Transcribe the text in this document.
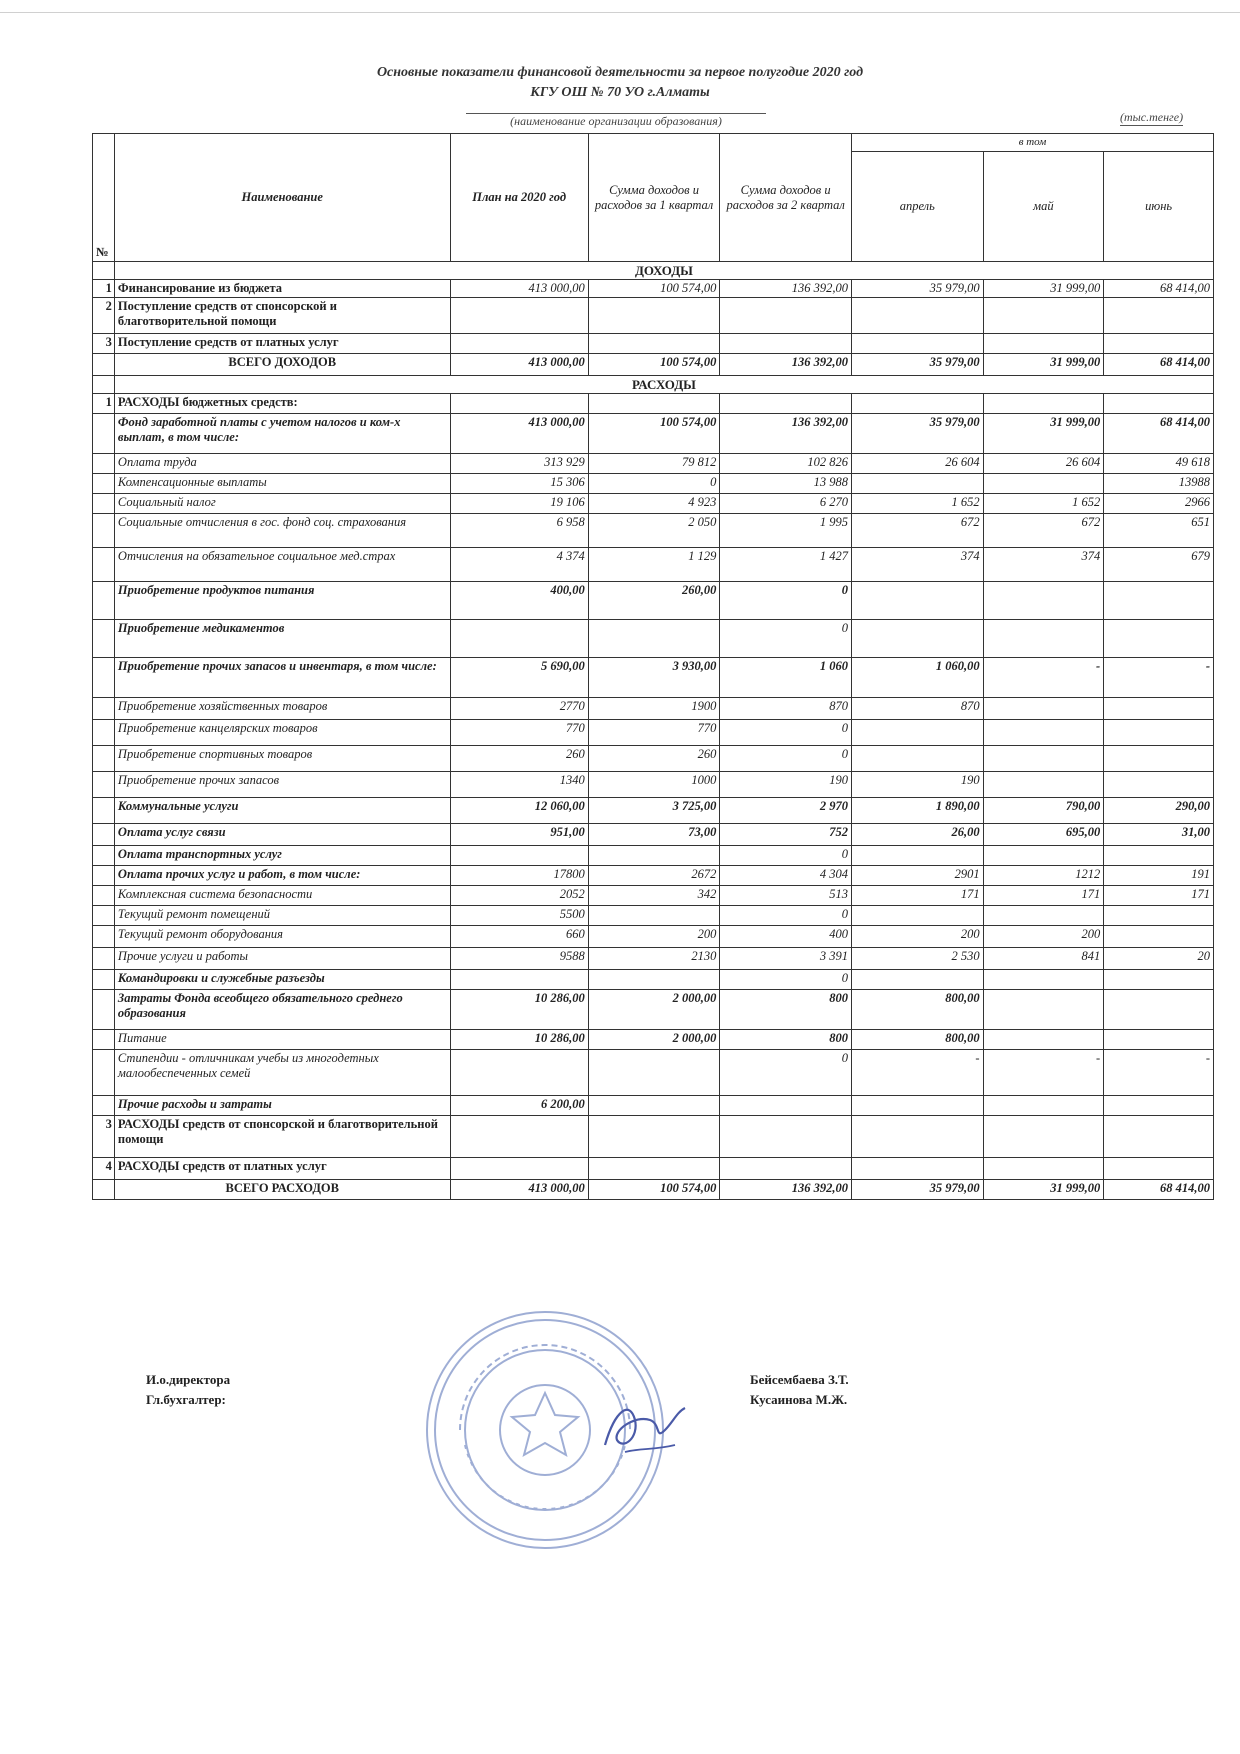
Основные показатели финансовой деятельности за первое полугодие 2020 год
КГУ ОШ № 70 УО г.Алматы
(наименование организации образования)	(тыс.тенге)
№	Наименование	План на 2020 год	Сумма доходов и расходов за 1 квартал	Сумма доходов и расходов за 2 квартал	в том		
					апрель	май	июнь
	ДОХОДЫ						
1	Финансирование из бюджета	413 000,00	100 574,00	136 392,00	35 979,00	31 999,00	68 414,00
2	Поступление средств от спонсорской и благотворительной помощи						
3	Поступление средств от платных услуг						
	ВСЕГО ДОХОДОВ	413 000,00	100 574,00	136 392,00	35 979,00	31 999,00	68 414,00
	РАСХОДЫ						
1	РАСХОДЫ бюджетных средств:						
	Фонд заработной платы с учетом налогов и ком-х выплат, в том числе:	413 000,00	100 574,00	136 392,00	35 979,00	31 999,00	68 414,00
	Оплата труда	313 929	79 812	102 826	26 604	26 604	49 618
	Компенсационные выплаты	15 306	0	13 988			13988
	Социальный налог	19 106	4 923	6 270	1 652	1 652	2966
	Социальные отчисления в гос. фонд соц. страхования	6 958	2 050	1 995	672	672	651
	Отчисления на обязательное социальное мед.страх	4 374	1 129	1 427	374	374	679
	Приобретение продуктов питания	400,00	260,00	0			
	Приобретение медикаментов			0			
	Приобретение прочих запасов и инвентаря, в том числе:	5 690,00	3 930,00	1 060	1 060,00	-	-
	Приобретение хозяйственных товаров	2770	1900	870	870		
	Приобретение канцелярских товаров	770	770	0			
	Приобретение спортивных товаров	260	260	0			
	Приобретение прочих запасов	1340	1000	190	190		
	Коммунальные услуги	12 060,00	3 725,00	2 970	1 890,00	790,00	290,00
	Оплата услуг связи	951,00	73,00	752	26,00	695,00	31,00
	Оплата транспортных услуг			0			
	Оплата прочих услуг и работ, в том числе:	17800	2672	4 304	2901	1212	191
	Комплексная система безопасности	2052	342	513	171	171	171
	Текущий ремонт помещений	5500		0			
	Текущий ремонт оборудования	660	200	400	200	200	
	Прочие услуги и работы	9588	2130	3 391	2 530	841	20
	Командировки и служебные разъезды			0			
	Затраты Фонда всеобщего обязательного среднего образования	10 286,00	2 000,00	800	800,00		
	Питание	10 286,00	2 000,00	800	800,00		
	Стипендии - отличникам учебы из многодетных малообеспеченных семей			0	-	-	-
	Прочие расходы и затраты	6 200,00					
3	РАСХОДЫ средств от спонсорской и благотворительной помощи						
4	РАСХОДЫ средств от платных услуг						
	ВСЕГО РАСХОДОВ	413 000,00	100 574,00	136 392,00	35 979,00	31 999,00	68 414,00
И.о.директора
Гл.бухгалтер:
Бейсембаева З.Т.
Кусаинова М.Ж.
